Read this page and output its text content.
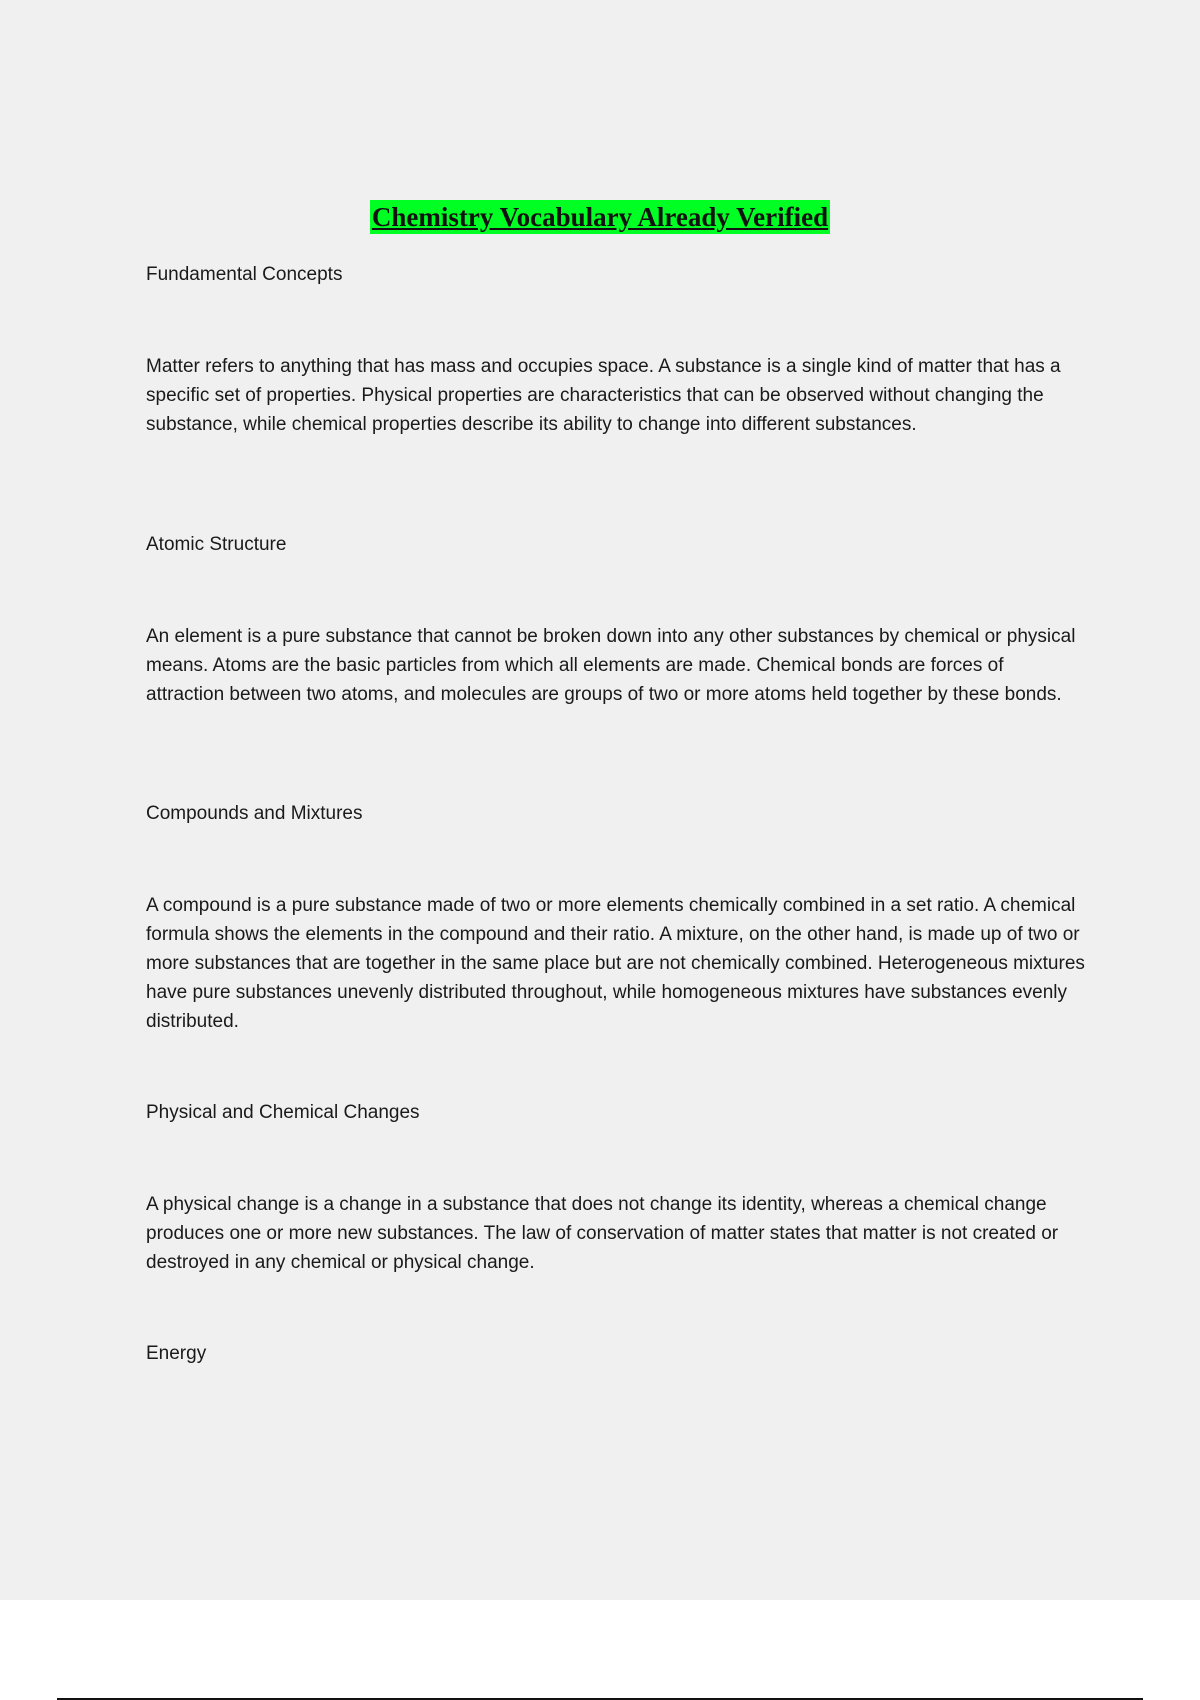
Chemistry Vocabulary Already Verified
Fundamental Concepts

Matter refers to anything that has mass and occupies space. A substance is a single kind of matter that has a specific set of properties. Physical properties are characteristics that can be observed without changing the substance, while chemical properties describe its ability to change into different substances.

Atomic Structure

An element is a pure substance that cannot be broken down into any other substances by chemical or physical means. Atoms are the basic particles from which all elements are made. Chemical bonds are forces of attraction between two atoms, and molecules are groups of two or more atoms held together by these bonds.

Compounds and Mixtures

A compound is a pure substance made of two or more elements chemically combined in a set ratio. A chemical formula shows the elements in the compound and their ratio. A mixture, on the other hand, is made up of two or more substances that are together in the same place but are not chemically combined. Heterogeneous mixtures have pure substances unevenly distributed throughout, while homogeneous mixtures have substances evenly distributed.

Physical and Chemical Changes

A physical change is a change in a substance that does not change its identity, whereas a chemical change produces one or more new substances. The law of conservation of matter states that matter is not created or destroyed in any chemical or physical change.

Energy
